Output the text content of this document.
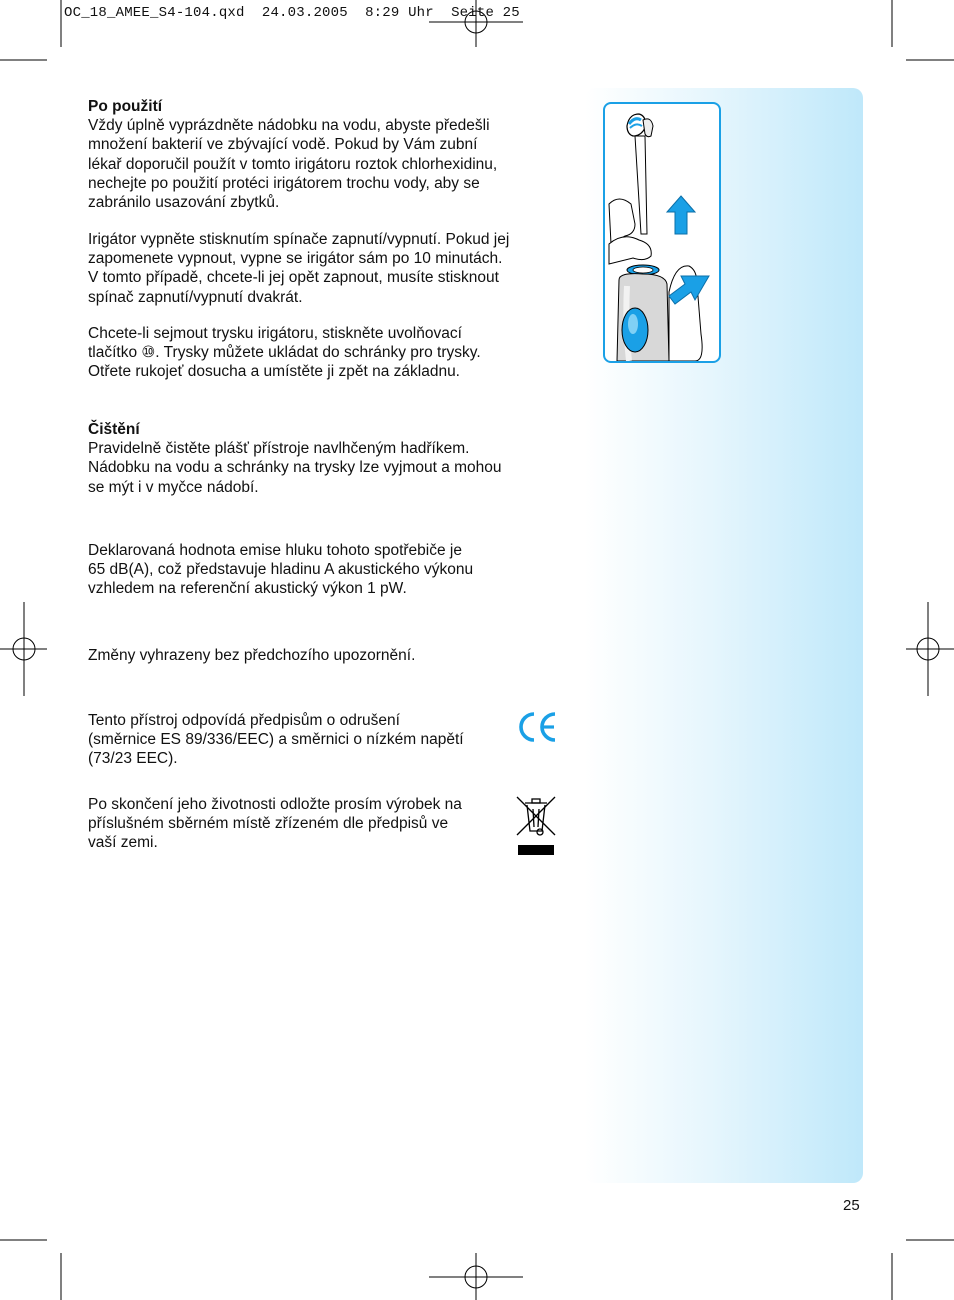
OC_18_AMEE_S4-104.qxd 24.03.2005 8:29 Uhr Seite 25

Po použití

Vždy úplně vyprázdněte nádobku na vodu, abyste předešli

množení bakterií ve zbývající vodě. Pokud by Vám zubní

lékař doporučil použít v tomto irigátoru roztok chlorhexidinu,

nechejte po použití protéci irigátorem trochu vody, aby se

zabránilo usazování zbytků.

Irigátor vypněte stisknutím spínače zapnutí/vypnutí. Pokud jej

zapomenete vypnout, vypne se irigátor sám po 10 minutách.

V tomto případě, chcete-li jej opět zapnout, musíte stisknout

spínač zapnutí/vypnutí dvakrát.

Chcete-li sejmout trysku irigátoru, stiskněte uvolňovací

tlačítko ⑩. Trysky můžete ukládat do schránky pro trysky.

Otřete rukojeť dosucha a umístěte ji zpět na základnu.

Čištění

Pravidelně čistěte plášť přístroje navlhčeným hadříkem.

Nádobku na vodu a schránky na trysky lze vyjmout a mohou

se mýt i v myčce nádobí.

Deklarovaná hodnota emise hluku tohoto spotřebiče je

65 dB(A), což představuje hladinu A akustického výkonu

vzhledem na referenční akustický výkon 1 pW.

Změny vyhrazeny bez předchozího upozornění.

Tento přístroj odpovídá předpisům o odrušení

(směrnice ES 89/336/EEC) a směrnici o nízkém napětí

(73/23 EEC).

Po skončení jeho životnosti odložte prosím výrobek na

příslušném sběrném místě zřízeném dle předpisů ve

vaší zemi.

25
